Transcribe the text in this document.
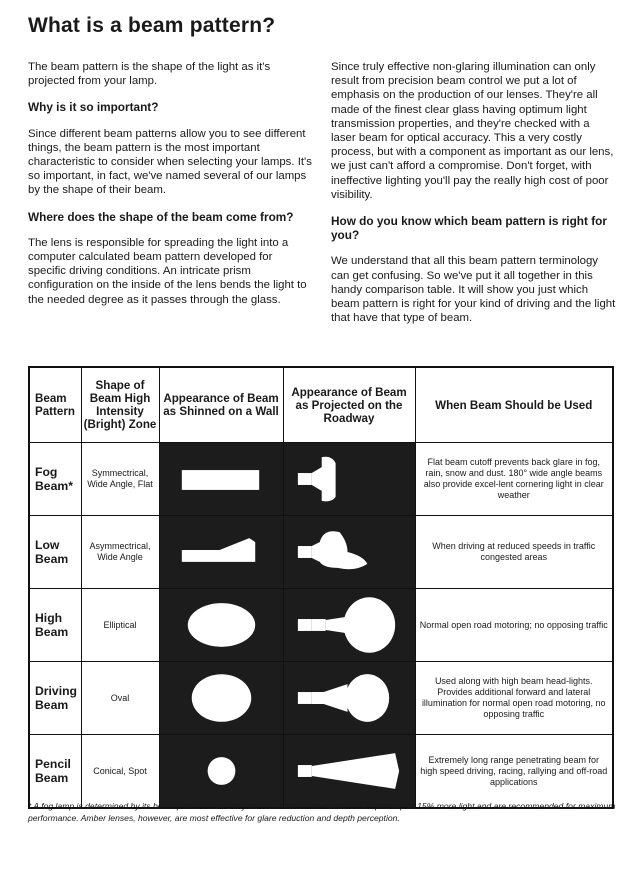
What is a beam pattern?

The beam pattern is the shape of the light as it's projected from your lamp.

Why is it so important?

Since different beam patterns allow you to see different things, the beam pattern is the most important characteristic to consider when selecting your lamps. It's so important, in fact, we've named several of our lamps by the shape of their beam.

Where does the shape of the beam come from?

The lens is responsible for spreading the light into a computer calculated beam pattern developed for specific driving conditions. An intricate prism configuration on the inside of the lens bends the light to the needed degree as it passes through the glass.

Since truly effective non-glaring illumination can only result from precision beam control we put a lot of emphasis on the production of our lenses. They're all made of the finest clear glass having optimum light transmission properties, and they're checked with a laser beam for optical accuracy. This a very costly process, but with a component as important as our lens, we just can't afford a compromise. Don't forget, with ineffective lighting you'll pay the really high cost of poor visibility.

How do you know which beam pattern is right for you?

We understand that all this beam pattern terminology can get confusing. So we've put it all together in this handy comparison table. It will show you just which beam pattern is right for your kind of driving and the light that have that type of beam.

Beam Pattern	Shape of Beam High Intensity (Bright) Zone	Appearance of Beam as Shinned on a Wall	Appearance of Beam as Projected on the Roadway	When Beam Should be Used
Fog Beam*	Symmectrical, Wide Angle, Flat			Flat beam cutoff prevents back glare in fog, rain, snow and dust. 180° wide angle beams also provide excel-lent cornering light in clear weather
Low Beam	Asymmectrical, Wide Angle			When driving at reduced speeds in traffic congested areas
High Beam	Elliptical			Normal open road motoring; no opposing traffic
Driving Beam	Oval			Used along with high beam head-lights. Provides additional forward and lateral illumination for normal open road motoring, no opposing traffic
Pencil Beam	Conical, Spot			Extremely long range penetrating beam for high speed driving, racing, rallying and off-road applications
* A fog lamp is determined by its beam pattern and not by the color of its lens. Clear lenses pass up to 15% more light and are recommended for maximum performance. Amber lenses, however, are most effective for glare reduction and depth perception.
